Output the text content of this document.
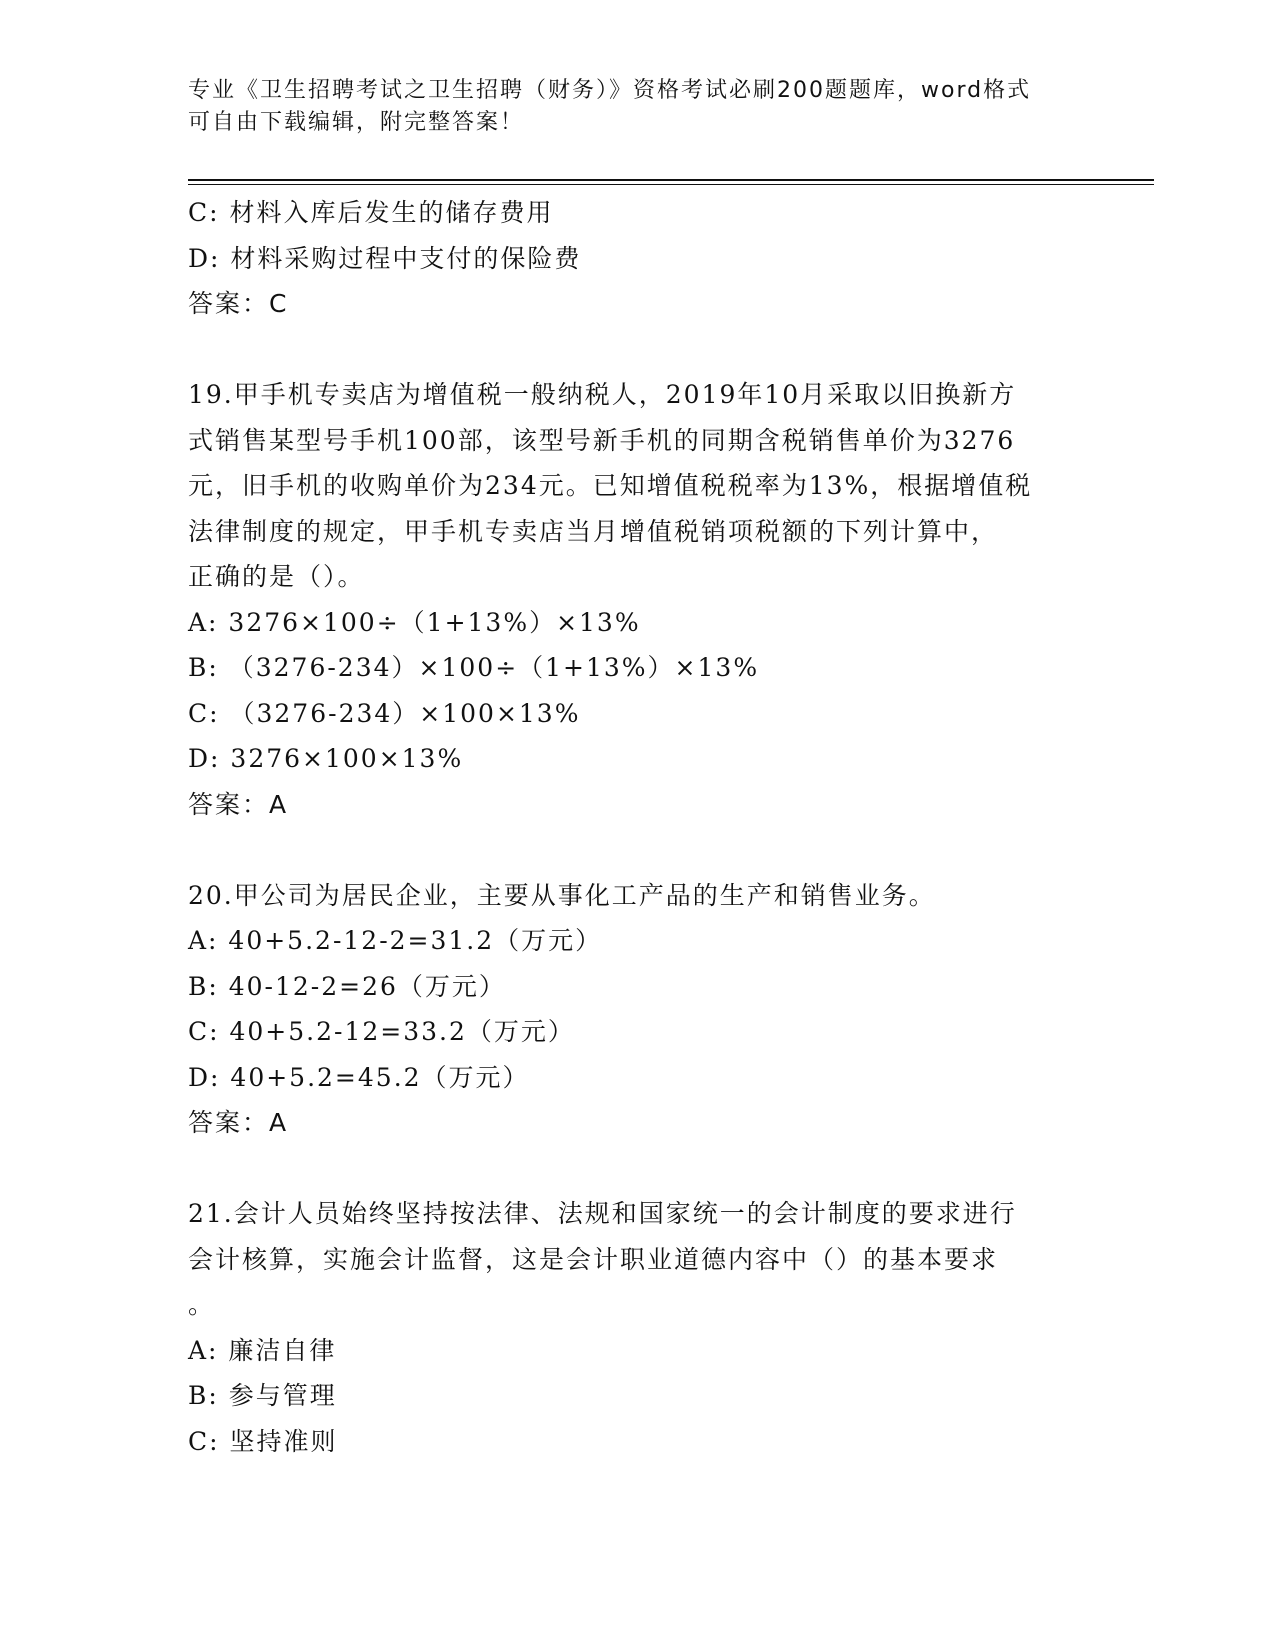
专业《卫生招聘考试之卫生招聘（财务）》资格考试必刷200题题库，word格式
可自由下载编辑，附完整答案！
C: 材料入库后发生的储存费用
D: 材料采购过程中支付的保险费
答案：C
19.甲手机专卖店为增值税一般纳税人，2019年10月采取以旧换新方
式销售某型号手机100部，该型号新手机的同期含税销售单价为3276
元，旧手机的收购单价为234元。已知增值税税率为13%，根据增值税
法律制度的规定，甲手机专卖店当月增值税销项税额的下列计算中，
正确的是（）。
A: 3276×100÷（1+13%）×13%
B: （3276-234）×100÷（1+13%）×13%
C: （3276-234）×100×13%
D: 3276×100×13%
答案：A
20.甲公司为居民企业，主要从事化工产品的生产和销售业务。
A: 40+5.2-12-2=31.2（万元）
B: 40-12-2=26（万元）
C: 40+5.2-12=33.2（万元）
D: 40+5.2=45.2（万元）
答案：A
21.会计人员始终坚持按法律、法规和国家统一的会计制度的要求进行
会计核算，实施会计监督，这是会计职业道德内容中（）的基本要求
。
A: 廉洁自律
B: 参与管理
C: 坚持准则
